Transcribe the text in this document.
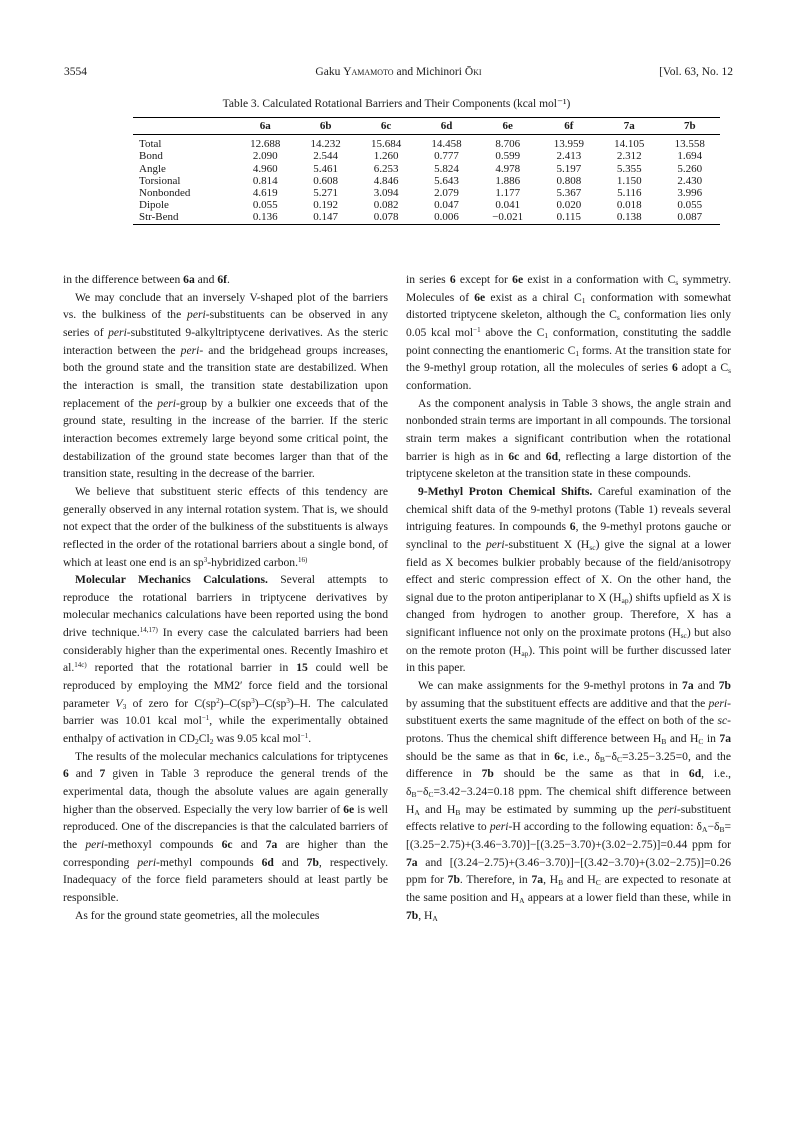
3554	Gaku Yamamoto and Michinori Ōki	[Vol. 63, No. 12
Table 3. Calculated Rotational Barriers and Their Components (kcal mol⁻¹)
	6a	6b	6c	6d	6e	6f	7a	7b
Total	12.688	14.232	15.684	14.458	8.706	13.959	14.105	13.558
Bond	2.090	2.544	1.260	0.777	0.599	2.413	2.312	1.694
Angle	4.960	5.461	6.253	5.824	4.978	5.197	5.355	5.260
Torsional	0.814	0.608	4.846	5.643	1.886	0.808	1.150	2.430
Nonbonded	4.619	5.271	3.094	2.079	1.177	5.367	5.116	3.996
Dipole	0.055	0.192	0.082	0.047	0.041	0.020	0.018	0.055
Str-Bend	0.136	0.147	0.078	0.006	−0.021	0.115	0.138	0.087

in the difference between 6a and 6f.

We may conclude that an inversely V-shaped plot of the barriers vs. the bulkiness of the peri-substituents can be observed in any series of peri-substituted 9-alkyltriptycene derivatives. As the steric interaction between the peri- and the bridgehead groups increases, both the ground state and the transition state are destabilized. When the interaction is small, the transition state destabilization upon replacement of the peri-group by a bulkier one exceeds that of the ground state, resulting in the increase of the barrier. If the steric interaction becomes extremely large beyond some critical point, the destabilization of the ground state becomes larger than that of the transition state, resulting in the decrease of the barrier.

We believe that substituent steric effects of this tendency are generally observed in any internal rotation system. That is, we should not expect that the order of the bulkiness of the substituents is always reflected in the order of the rotational barriers about a single bond, of which at least one end is an $sp^3$-hybridized carbon.$^{16)}$

Molecular Mechanics Calculations. Several attempts to reproduce the rotational barriers in triptycene derivatives by molecular mechanics calculations have been reported using the bond drive technique.$^{14,17)}$ In every case the calculated barriers had been considerably higher than the experimental ones. Recently Imashiro et al.$^{14c)}$ reported that the rotational barrier in 15 could well be reproduced by employing the MM2′ force field and the torsional parameter $V_3$ of zero for $C(sp^2)-C(sp^3)-C(sp^3)-H$. The calculated barrier was 10.01 kcal mol$^{-1}$, while the experimentally obtained enthalpy of activation in $CD_2Cl_2$ was 9.05 kcal mol$^{-1}$.

The results of the molecular mechanics calculations for triptycenes 6 and 7 given in Table 3 reproduce the general trends of the experimental data, though the absolute values are again generally higher than the observed. Especially the very low barrier of 6e is well reproduced. One of the discrepancies is that the calculated barriers of the peri-methoxyl compounds 6c and 7a are higher than the corresponding peri-methyl compounds 6d and 7b, respectively. Inadequacy of the force field parameters should at least partly be responsible.

As for the ground state geometries, all the molecules

in series 6 except for 6e exist in a conformation with $C_s$ symmetry. Molecules of 6e exist as a chiral $C_1$ conformation with somewhat distorted triptycene skeleton, although the $C_s$ conformation lies only 0.05 kcal mol$^{-1}$ above the $C_1$ conformation, constituting the saddle point connecting the enantiomeric $C_1$ forms. At the transition state for the 9-methyl group rotation, all the molecules of series 6 adopt a $C_s$ conformation.

As the component analysis in Table 3 shows, the angle strain and nonbonded strain terms are important in all compounds. The torsional strain term makes a significant contribution when the rotational barrier is high as in 6c and 6d, reflecting a large distortion of the triptycene skeleton at the transition state in these compounds.

9-Methyl Proton Chemical Shifts. Careful examination of the chemical shift data of the 9-methyl protons (Table 1) reveals several intriguing features. In compounds 6, the 9-methyl protons gauche or synclinal to the peri-substituent X $(H_{sc})$ give the signal at a lower field as X becomes bulkier probably because of the field/anisotropy effect and steric compression effect of X. On the other hand, the signal due to the proton antiperiplanar to X $(H_{ap})$ shifts upfield as X is changed from hydrogen to another group. Therefore, X has a significant influence not only on the proximate protons $(H_{sc})$ but also on the remote proton $(H_{ap})$. This point will be further discussed later in this paper.

We can make assignments for the 9-methyl protons in 7a and 7b by assuming that the substituent effects are additive and that the peri-substituent exerts the same magnitude of the effect on both of the sc-protons. Thus the chemical shift difference between $H_B$ and $H_C$ in 7a should be the same as that in 6c, i.e., $\delta_B-\delta_C=3.25-3.25=0$, and the difference in 7b should be the same as that in 6d, i.e., $\delta_B-\delta_C=3.42-3.24=0.18$ ppm. The chemical shift difference between $H_A$ and $H_B$ may be estimated by summing up the peri-substituent effects relative to peri-H according to the following equation: $\delta_A-\delta_B=[(3.25-2.75)+(3.46-3.70)]-[(3.25-3.70)+(3.02-2.75)]=0.44$ ppm for 7a and [(3.24−2.75)+(3.46−3.70)]−[(3.42−3.70)+(3.02−2.75)]=0.26 ppm for 7b. Therefore, in 7a, $H_B$ and $H_C$ are expected to resonate at the same position and $H_A$ appears at a lower field than these, while in 7b, $H_A$
